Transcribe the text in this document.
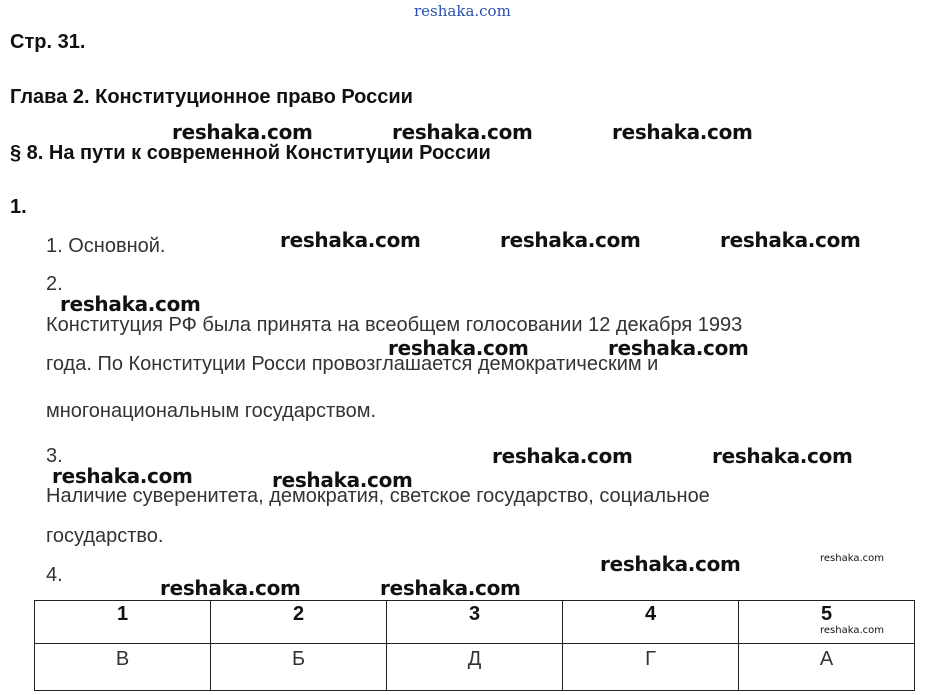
reshaka.com
Стр. 31.
Глава 2. Конституционное право России
§ 8. На пути к современной Конституции России
1.
1. Основной.
2.
Конституция РФ была принята на всеобщем голосовании 12 декабря 1993
года. По Конституции Росси провозглашается демократическим и
многонациональным государством.
3.
Наличие суверенитета, демократия, светское государство, социальное
государство.
4.
1	2	3	4	5
В	Б	Д	Г	А
reshaka.com	reshaka.com	reshaka.com
reshaka.com	reshaka.com	reshaka.com
reshaka.com
reshaka.com	reshaka.com
reshaka.com	reshaka.com
reshaka.com	reshaka.com
reshaka.com	reshaka.com
reshaka.com	reshaka.com
reshaka.com
